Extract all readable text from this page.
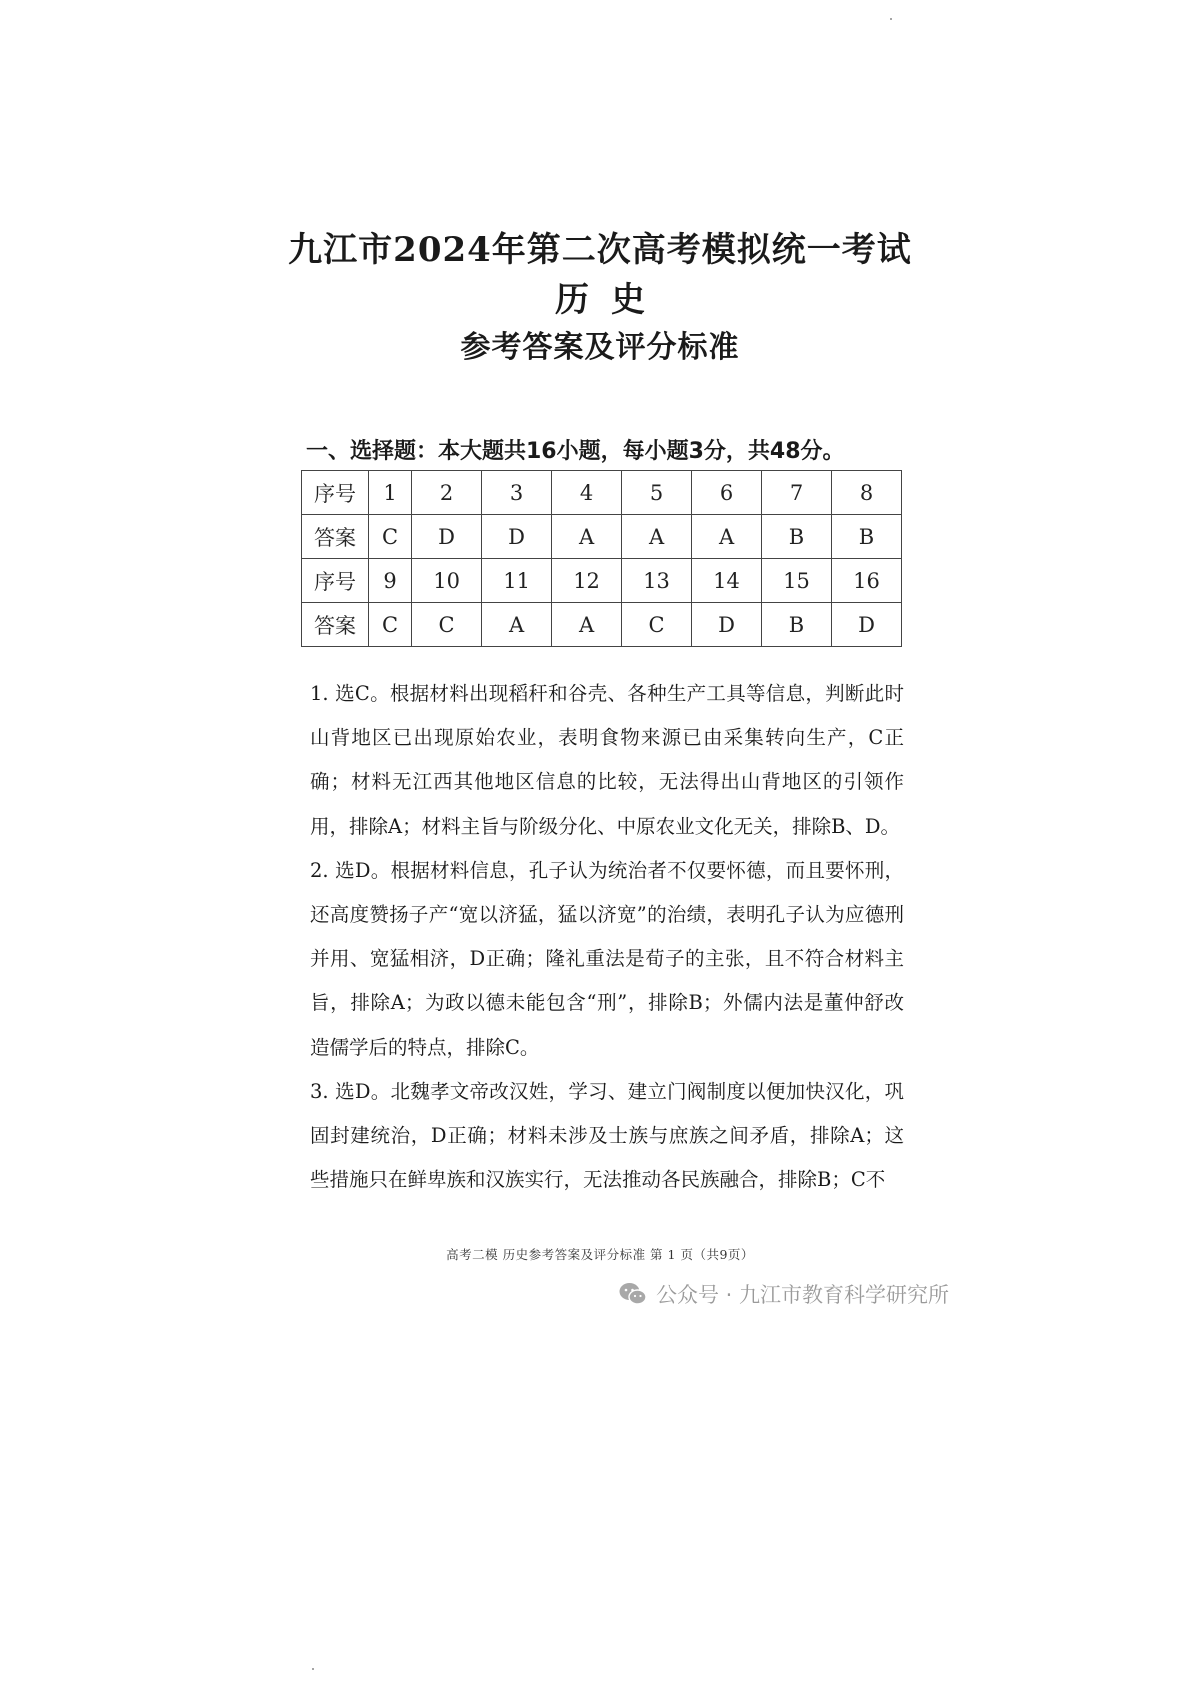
九江市2024年第二次高考模拟统一考试
历史
参考答案及评分标准
一、选择题：本大题共16小题，每小题3分，共48分。
序号	1	2	3	4	5	6	7	8
答案	C	D	D	A	A	A	B	B
序号	9	10	11	12	13	14	15	16
答案	C	C	A	A	C	D	B	D

1. 选C。根据材料出现稻秆和谷壳、各种生产工具等信息，判断此时山背地区已出现原始农业，表明食物来源已由采集转向生产，C正确；材料无江西其他地区信息的比较，无法得出山背地区的引领作用，排除A；材料主旨与阶级分化、中原农业文化无关，排除B、D。

2. 选D。根据材料信息，孔子认为统治者不仅要怀德，而且要怀刑，还高度赞扬子产“宽以济猛，猛以济宽”的治绩，表明孔子认为应德刑并用、宽猛相济，D正确；隆礼重法是荀子的主张，且不符合材料主旨，排除A；为政以德未能包含“刑”，排除B；外儒内法是董仲舒改造儒学后的特点，排除C。

3. 选D。北魏孝文帝改汉姓，学习、建立门阀制度以便加快汉化，巩固封建统治，D正确；材料未涉及士族与庶族之间矛盾，排除A；这些措施只在鲜卑族和汉族实行，无法推动各民族融合，排除B；C不

高考二模 历史参考答案及评分标准 第 1 页（共9页）
公众号 · 九江市教育科学研究所
